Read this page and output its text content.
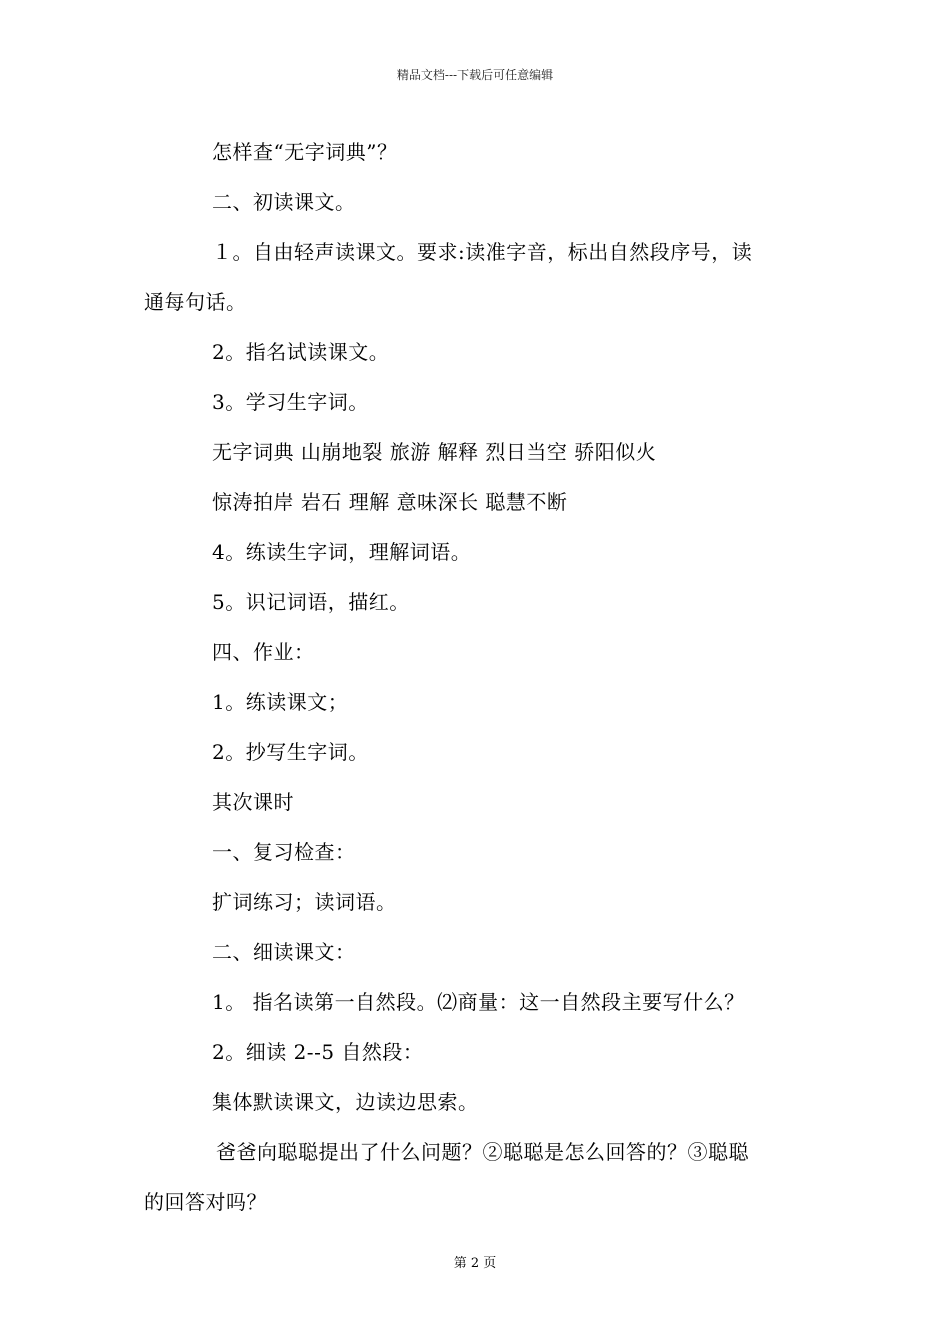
精品文档---下载后可任意编辑
怎样查“无字词典”？
二、初读课文。
１。自由轻声读课文。要求:读准字音，标出自然段序号，读
通每句话。
2。指名试读课文。
3。学习生字词。
无字词典 山崩地裂 旅游 解释 烈日当空 骄阳似火
惊涛拍岸 岩石 理解 意味深长 聪慧不断
4。练读生字词，理解词语。
5。识记词语，描红。
四、作业：
1。练读课文；
2。抄写生字词。
其次课时
一、复习检查：
扩词练习；读词语。
二、细读课文：
1。 指名读第一自然段。⑵商量：这一自然段主要写什么？
2。细读 2--5 自然段：
集体默读课文，边读边思索。
爸爸向聪聪提出了什么问题？②聪聪是怎么回答的？③聪聪
的回答对吗？
第 2 页
